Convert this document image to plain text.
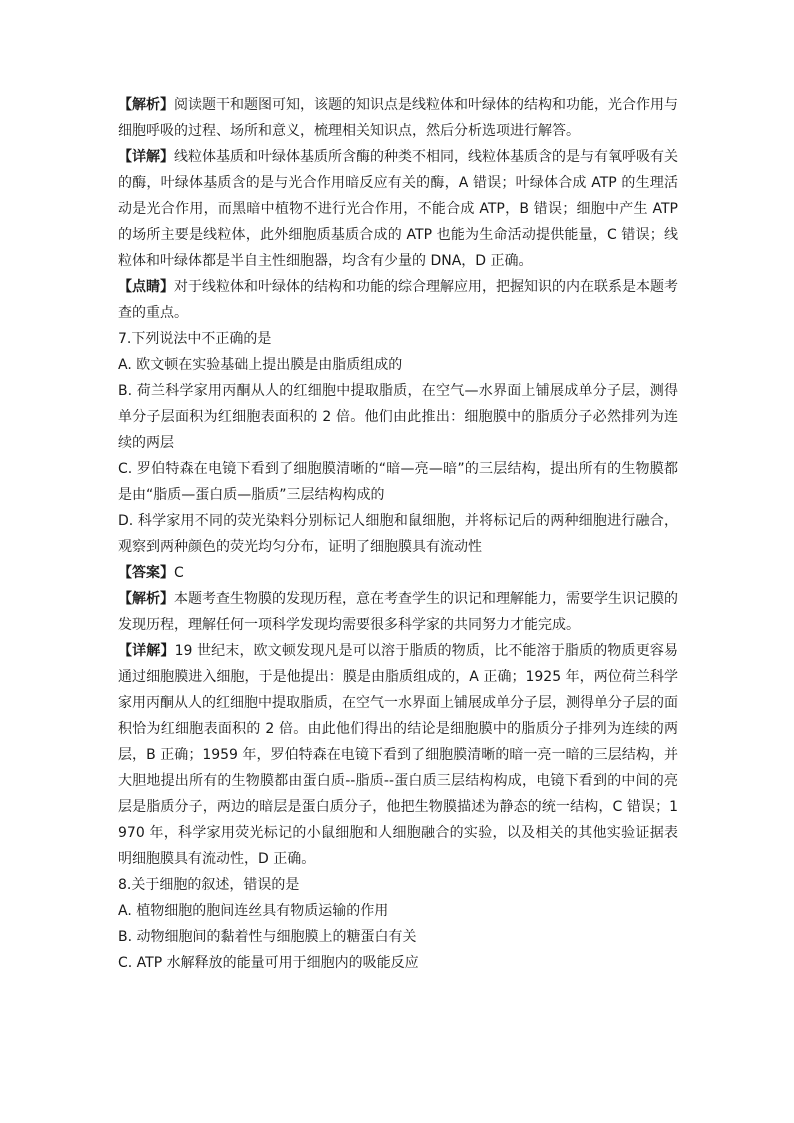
【解析】阅读题干和题图可知，该题的知识点是线粒体和叶绿体的结构和功能，光合作用与细胞呼吸的过程、场所和意义，梳理相关知识点，然后分析选项进行解答。

【详解】线粒体基质和叶绿体基质所含酶的种类不相同，线粒体基质含的是与有氧呼吸有关的酶，叶绿体基质含的是与光合作用暗反应有关的酶，A 错误；叶绿体合成 ATP 的生理活动是光合作用，而黑暗中植物不进行光合作用，不能合成 ATP，B 错误；细胞中产生 ATP 的场所主要是线粒体，此外细胞质基质合成的 ATP 也能为生命活动提供能量，C 错误；线粒体和叶绿体都是半自主性细胞器，均含有少量的 DNA，D 正确。

【点睛】对于线粒体和叶绿体的结构和功能的综合理解应用，把握知识的内在联系是本题考查的重点。

7.下列说法中不正确的是

A. 欧文顿在实验基础上提出膜是由脂质组成的

B. 荷兰科学家用丙酮从人的红细胞中提取脂质，在空气—水界面上铺展成单分子层，测得单分子层面积为红细胞表面积的 2 倍。他们由此推出：细胞膜中的脂质分子必然排列为连续的两层

C. 罗伯特森在电镜下看到了细胞膜清晰的“暗—亮—暗”的三层结构，提出所有的生物膜都是由“脂质—蛋白质—脂质”三层结构构成的

D. 科学家用不同的荧光染料分别标记人细胞和鼠细胞，并将标记后的两种细胞进行融合，观察到两种颜色的荧光均匀分布，证明了细胞膜具有流动性

【答案】C

【解析】本题考查生物膜的发现历程，意在考查学生的识记和理解能力，需要学生识记膜的发现历程，理解任何一项科学发现均需要很多科学家的共同努力才能完成。

【详解】19 世纪末，欧文顿发现凡是可以溶于脂质的物质，比不能溶于脂质的物质更容易通过细胞膜进入细胞，于是他提出：膜是由脂质组成的，A 正确；1925 年，两位荷兰科学家用丙酮从人的红细胞中提取脂质，在空气一水界面上铺展成单分子层，测得单分子层的面积恰为红细胞表面积的 2 倍。由此他们得出的结论是细胞膜中的脂质分子排列为连续的两层，B 正确；1959 年，罗伯特森在电镜下看到了细胞膜清晰的暗一亮一暗的三层结构，并大胆地提出所有的生物膜都由蛋白质--脂质--蛋白质三层结构构成，电镜下看到的中间的亮层是脂质分子，两边的暗层是蛋白质分子，他把生物膜描述为静态的统一结构，C 错误；1970 年，科学家用荧光标记的小鼠细胞和人细胞融合的实验，以及相关的其他实验证据表明细胞膜具有流动性，D 正确。

8.关于细胞的叙述，错误的是

A. 植物细胞的胞间连丝具有物质运输的作用

B. 动物细胞间的黏着性与细胞膜上的糖蛋白有关

C. ATP 水解释放的能量可用于细胞内的吸能反应
